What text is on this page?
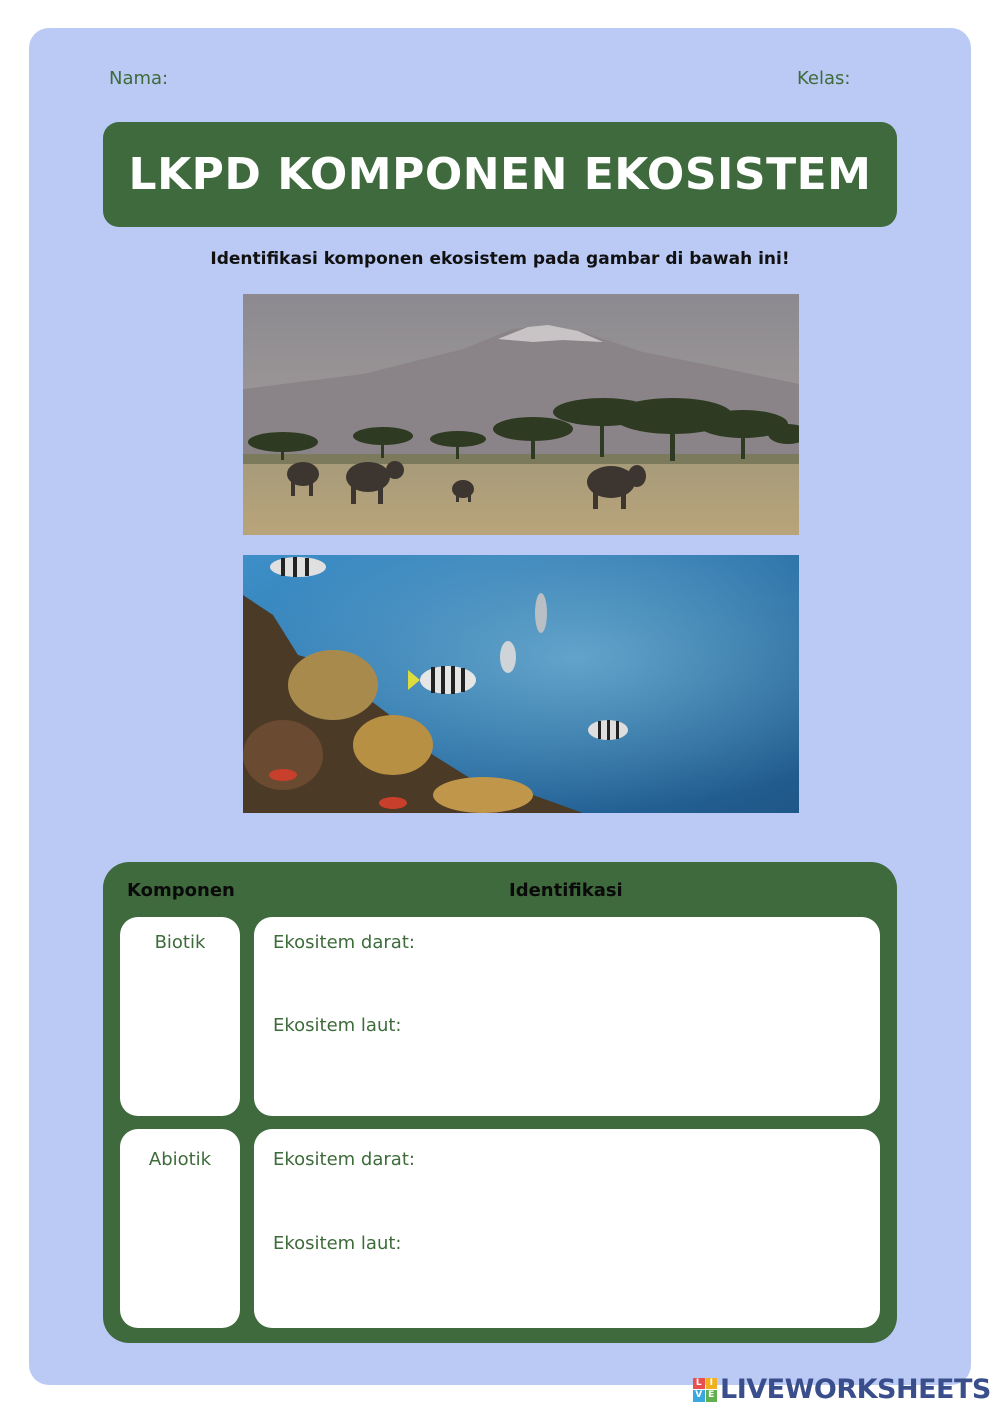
Nama:	Kelas:
LKPD KOMPONEN EKOSISTEM
Identifikasi komponen ekosistem pada gambar di bawah ini!
Komponen	Identifikasi
Biotik	Ekositem darat:
Ekositem laut:
Abiotik	Ekositem darat:
Ekositem laut:
L I
V E LIVEWORKSHEETS
